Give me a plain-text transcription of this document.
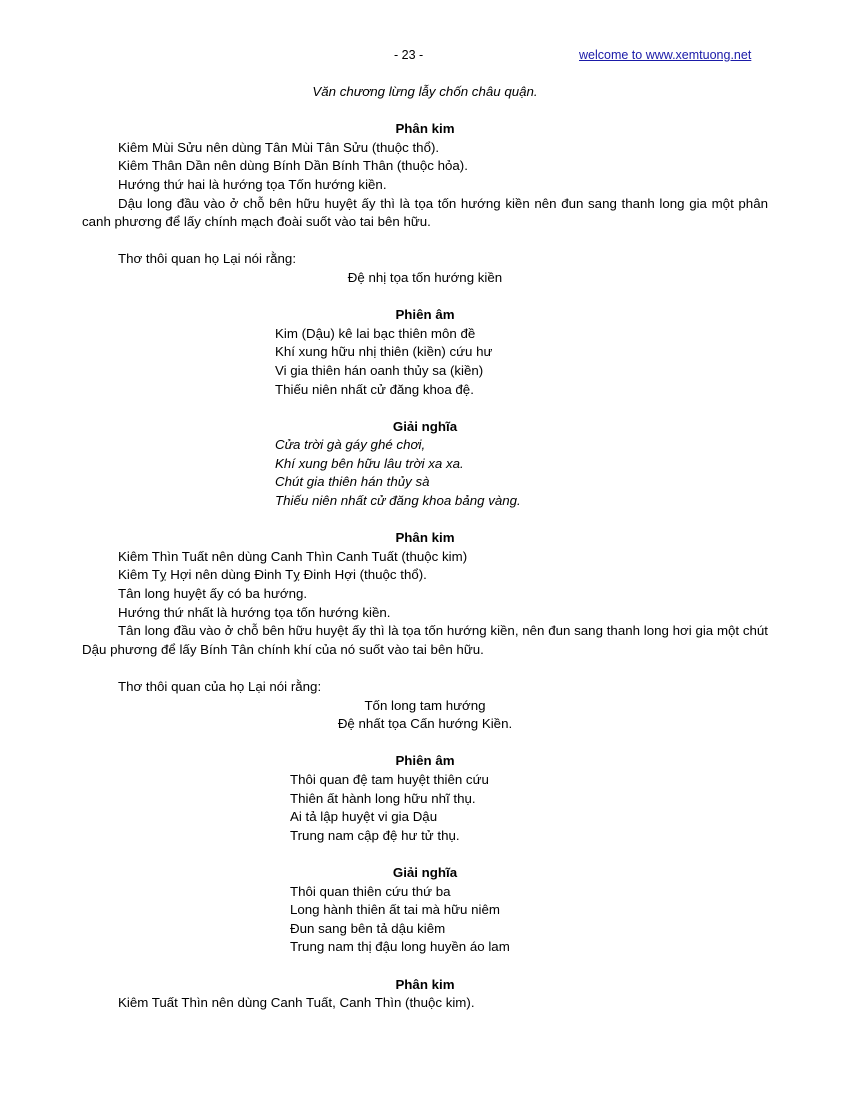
- 23 -	welcome to www.xemtuong.net

Văn chương lừng lẫy chốn châu quận.

Phân kim

Kiêm Mùi Sửu nên dùng Tân Mùi Tân Sửu (thuộc thổ).

Kiêm Thân Dần nên dùng Bính Dần Bính Thân (thuộc hỏa).

Hướng thứ hai là hướng tọa Tốn hướng kiền.

Dậu long đầu vào ở chỗ bên hữu huyệt ấy thì là tọa tốn hướng kiền nên đun sang thanh long gia một phân canh phương để lấy chính mạch đoài suốt vào tai bên hữu.

Thơ thôi quan họ Lại nói rằng:

Đệ nhị tọa tốn hướng kiền

Phiên âm

Kim (Dậu) kê lai bạc thiên môn đề

Khí xung hữu nhị thiên (kiền) cứu hư

Vi gia thiên hán oanh thủy sa (kiền)

Thiếu niên nhất cử đăng khoa đệ.

Giải nghĩa

Cửa trời gà gáy ghé chơi,

Khí xung bên hữu lâu trời xa xa.

Chút gia thiên hán thủy sà

Thiếu niên nhất cử đăng khoa bảng vàng.

Phân kim

Kiêm Thìn Tuất nên dùng Canh Thìn Canh Tuất (thuộc kim)

Kiêm Tỵ Hợi nên dùng Đinh Tỵ Đinh Hợi (thuộc thổ).

Tân long huyệt ấy có ba hướng.

Hướng thứ nhất là hướng tọa tốn hướng kiền.

Tân long đầu vào ở chỗ bên hữu huyệt ấy thì là tọa tốn hướng kiền, nên đun sang thanh long hơi gia một chút Dậu phương để lấy Bính Tân chính khí của nó suốt vào tai bên hữu.

Thơ thôi quan của họ Lại nói rằng:

Tốn long tam hướng

Đệ nhất tọa Cấn hướng Kiền.

Phiên âm

Thôi quan đệ tam huyệt thiên cứu

Thiên ất hành long hữu nhĩ thụ.

Ai tả lập huyệt vi gia Dậu

Trung nam cập đệ hư tử thụ.

Giải nghĩa

Thôi quan thiên cứu thứ ba

Long hành thiên ất tai mà hữu niêm

Đun sang bên tả dậu kiêm

Trung nam thị đậu long huyền áo lam

Phân kim

Kiêm Tuất Thìn nên dùng Canh Tuất, Canh Thìn (thuộc kim).
